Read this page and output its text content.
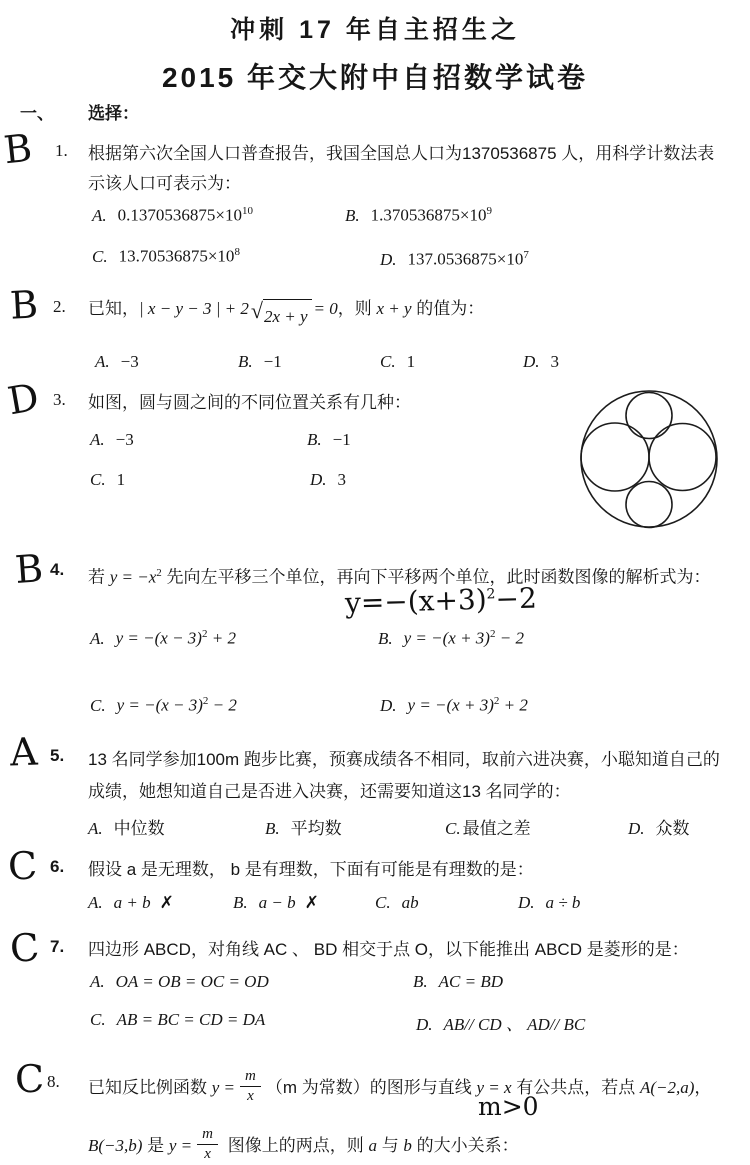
冲刺 17 年自主招生之
2015 年交大附中自招数学试卷
一、 选择：
B 1. 根据第六次全国人口普查报告，我国全国总人口为1370536875 人，用科学计数法表示该人口可表示为：
A. $0.1370536875\times 10^{10}$	B. $1.370536875\times 10^9$
C. $13.70536875\times 10^8$	D. $137.0536875\times 10^7$
B 2. 已知，| x − y − 3 | + 2 √ 2x + y = 0，则 x + y 的值为：
A. −3	B. −1	C. 1	D. 3
D 3. 如图，圆与圆之间的不同位置关系有几种：
A. −3	B. −1
C. 1	D. 3
B 4. 若 $y = -x^2$ 先向左平移三个单位，再向下平移两个单位，此时函数图像的解析式为：
$y=-(x+3)^2-2$
A. $y = -(x - 3)^2 + 2$	B. $y = -(x + 3)^2 - 2$
C. $y = -(x - 3)^2 - 2$	D. $y = -(x + 3)^2 + 2$
A 5. 13 名同学参加100m 跑步比赛，预赛成绩各不相同，取前六进决赛，小聪知道自己的成绩，她想知道自己是否进入决赛，还需要知道这13 名同学的：
A. 中位数	B. 平均数	C. 最值之差	D. 众数
C 6. 假设 a 是无理数， b 是有理数，下面有可能是有理数的是：
A. a + b ✗	B. a − b ✗	C. ab	D. a ÷ b
C 7. 四边形 ABCD，对角线 AC 、 BD 相交于点 O，以下能推出 ABCD 是菱形的是：
A. OA = OB = OC = OD	B. AC = BD
C. AB = BC = CD = DA	D. AB// CD 、 AD// BC
C 8. 已知反比例函数 $y = \frac{m}{x} (m$ 为常数）的图形与直线 y = x 有公共点，若点 A(−2,a)，
m>0
B(−3,b) 是 $y = \frac{m}{x}$ 图像上的两点，则 a 与 b 的大小关系：
